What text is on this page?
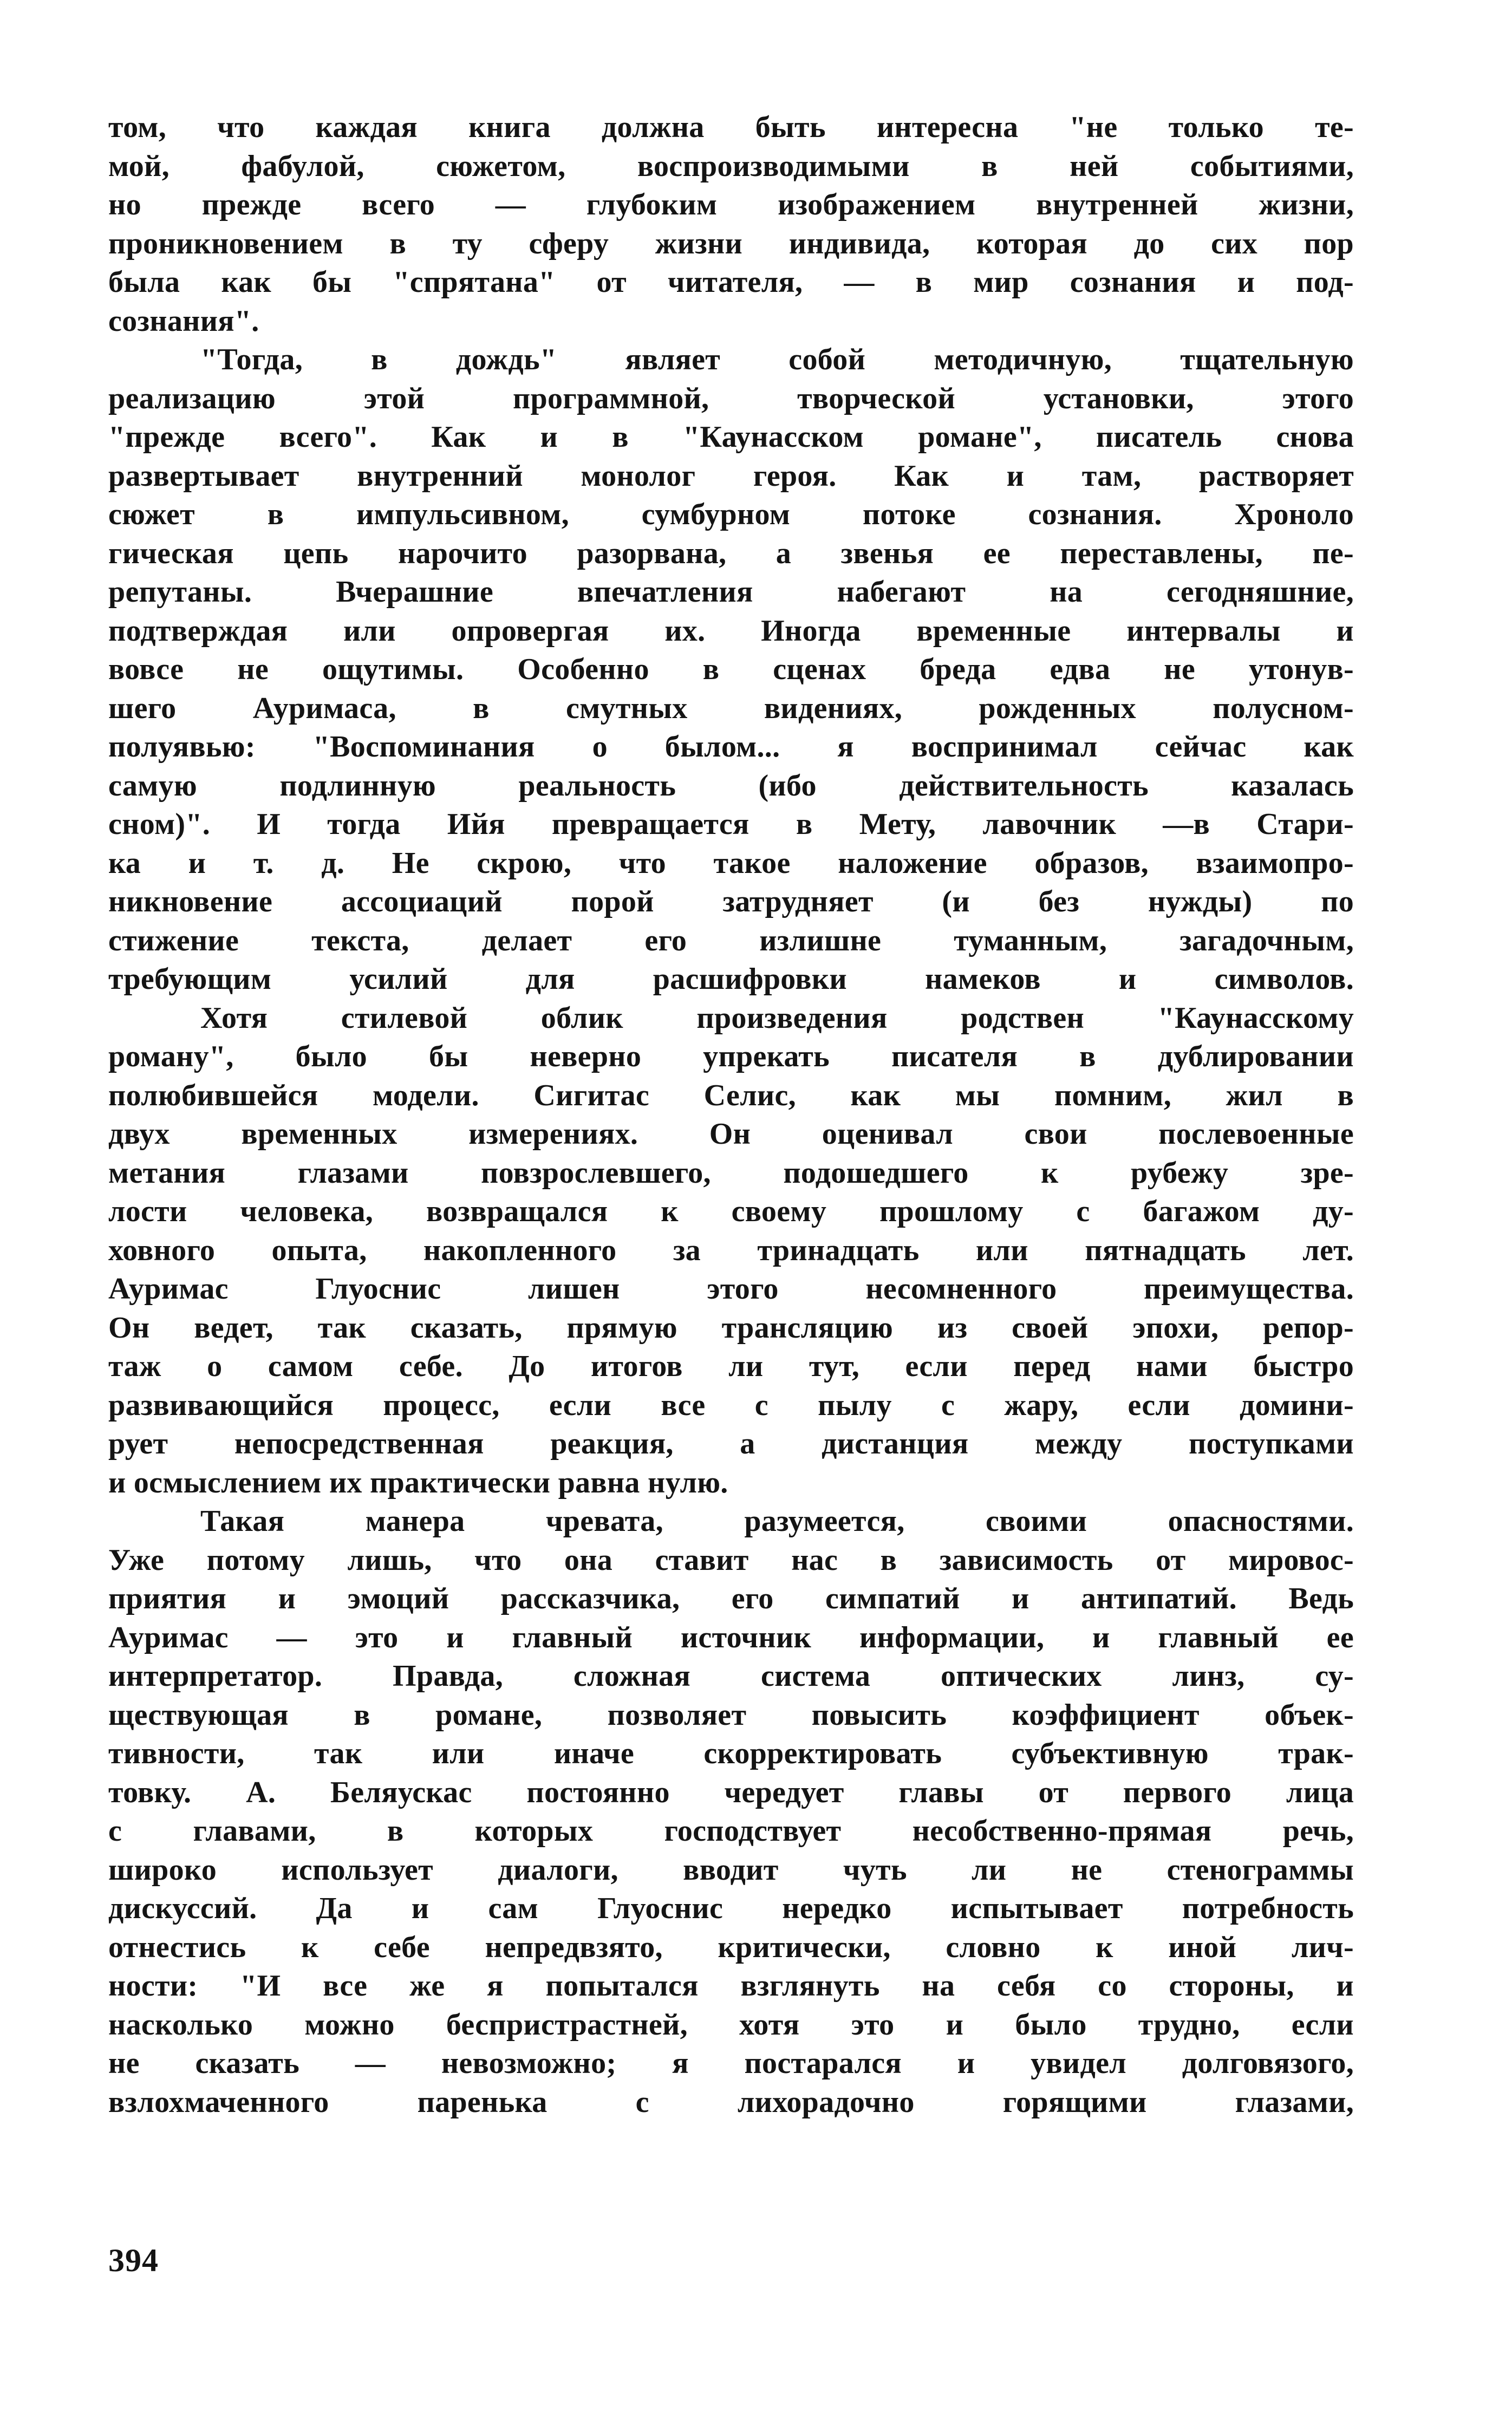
том, что каждая книга должна быть интересна "не только те-
мой, фабулой, сюжетом, воспроизводимыми в ней событиями,
но прежде всего — глубоким изображением внутренней жизни,
проникновением в ту сферу жизни индивида, которая до сих пор
была как бы "спрятана" от читателя, — в мир сознания и под-
сознания".
"Тогда, в дождь" являет собой методичную, тщательную
реализацию этой программной, творческой установки, этого
"прежде всего". Как и в "Каунасском романе", писатель снова
развертывает внутренний монолог героя. Как и там, растворяет
сюжет в импульсивном, сумбурном потоке сознания. Хроноло
гическая цепь нарочито разорвана, а звенья ее переставлены, пе-
репутаны. Вчерашние впечатления набегают на сегодняшние,
подтверждая или опровергая их. Иногда временные интервалы и
вовсе не ощутимы. Особенно в сценах бреда едва не утонув-
шего Ауримаса, в смутных видениях, рожденных полусном-
полуявью: "Воспоминания о былом... я воспринимал сейчас как
самую подлинную реальность (ибо действительность казалась
сном)". И тогда Ийя превращается в Мету, лавочник —в Стари-
ка и т. д. Не скрою, что такое наложение образов, взаимопро-
никновение ассоциаций порой затрудняет (и без нужды) по
стижение текста, делает его излишне туманным, загадочным,
требующим усилий для расшифровки намеков и символов.
Хотя стилевой облик произведения родствен "Каунасскому
роману", было бы неверно упрекать писателя в дублировании
полюбившейся модели. Сигитас Селис, как мы помним, жил в
двух временных измерениях. Он оценивал свои послевоенные
метания глазами повзрослевшего, подошедшего к рубежу зре-
лости человека, возвращался к своему прошлому с багажом ду-
ховного опыта, накопленного за тринадцать или пятнадцать лет.
Ауримас Глуоснис лишен этого несомненного преимущества.
Он ведет, так сказать, прямую трансляцию из своей эпохи, репор-
таж о самом себе. До итогов ли тут, если перед нами быстро
развивающийся процесс, если все с пылу с жару, если домини-
рует непосредственная реакция, а дистанция между поступками
и осмыслением их практически равна нулю.
Такая манера чревата, разумеется, своими опасностями.
Уже потому лишь, что она ставит нас в зависимость от мировос-
приятия и эмоций рассказчика, его симпатий и антипатий. Ведь
Ауримас — это и главный источник информации, и главный ее
интерпретатор. Правда, сложная система оптических линз, су-
ществующая в романе, позволяет повысить коэффициент объек-
тивности, так или иначе скорректировать субъективную трак-
товку. А. Беляускас постоянно чередует главы от первого лица
с главами, в которых господствует несобственно-прямая речь,
широко использует диалоги, вводит чуть ли не стенограммы
дискуссий. Да и сам Глуоснис нередко испытывает потребность
отнестись к себе непредвзято, критически, словно к иной лич-
ности: "И все же я попытался взглянуть на себя со стороны, и
насколько можно беспристрастней, хотя это и было трудно, если
не сказать — невозможно; я постарался и увидел долговязого,
взлохмаченного паренька с лихорадочно горящими глазами,
394
